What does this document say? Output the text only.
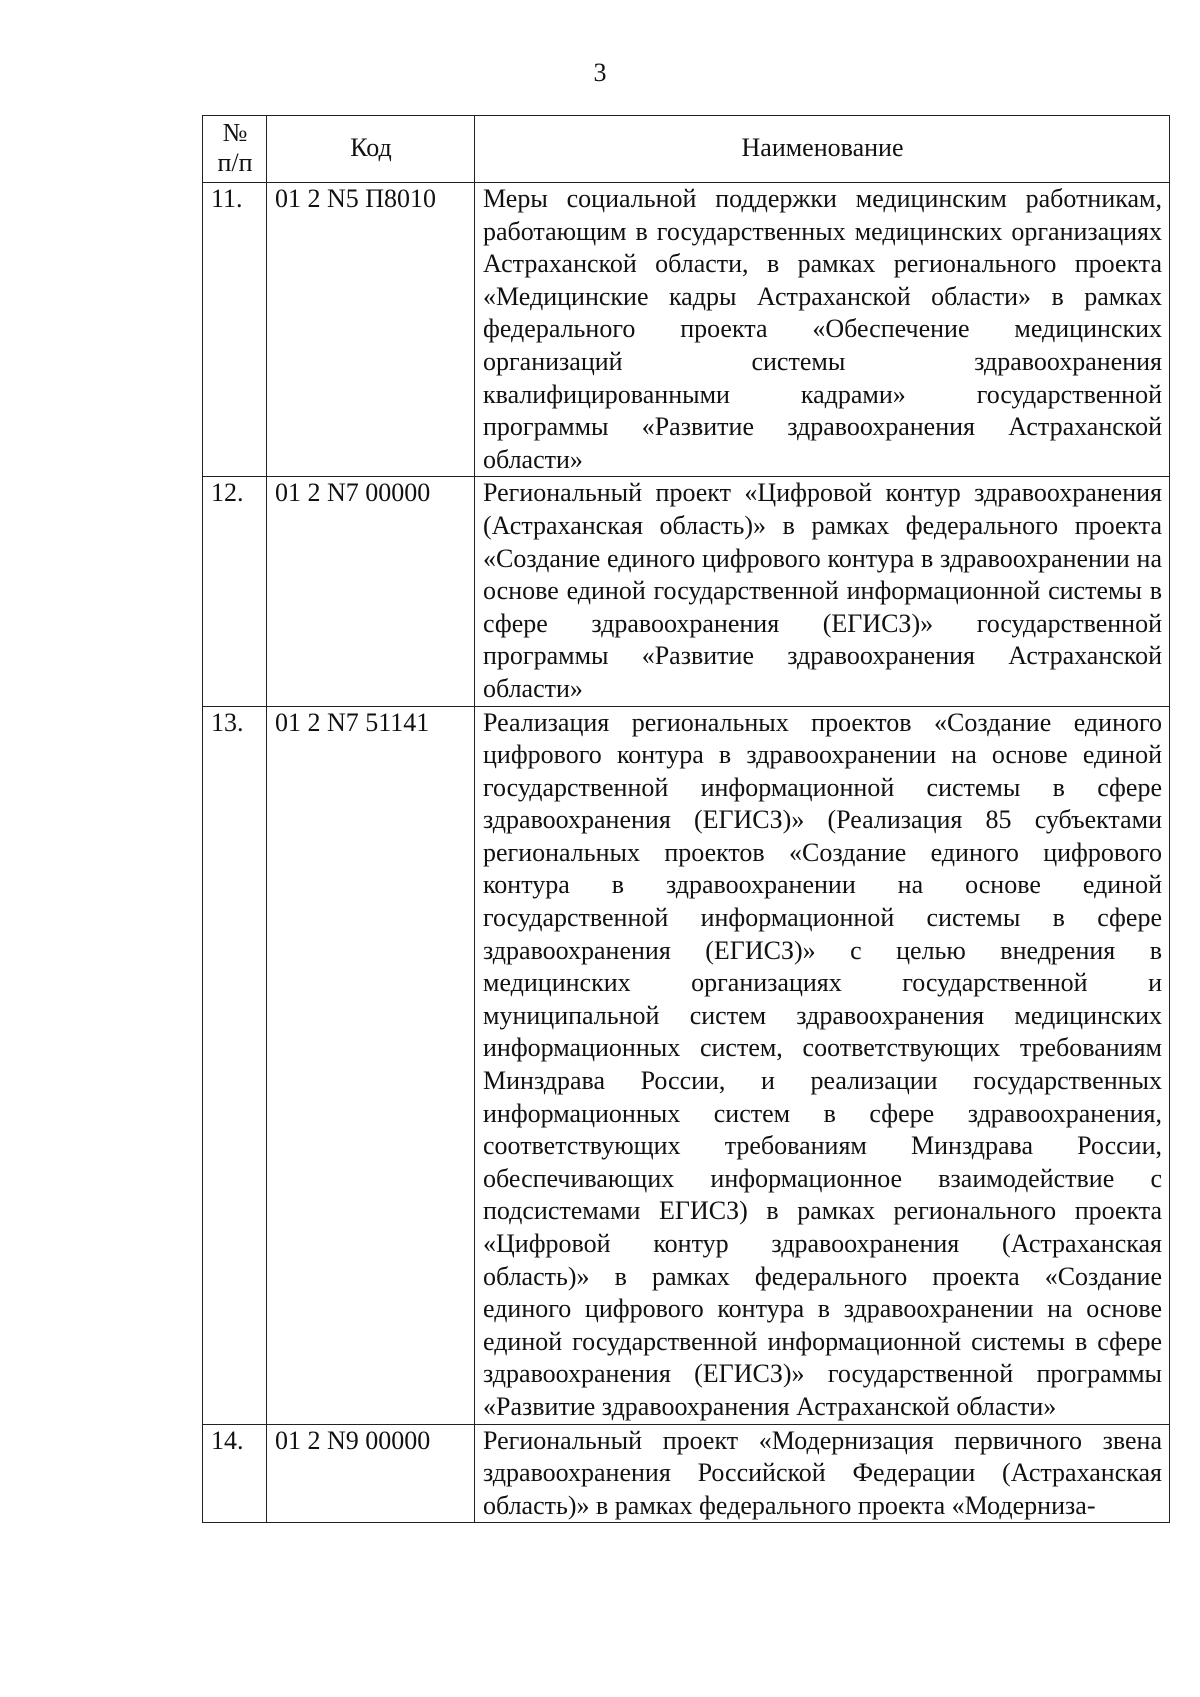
3
№ п/п	Код	Наименование
11.	01 2 N5 П8010	Меры социальной поддержки медицинским работникам, работающим в государственных медицинских организациях Астраханской области, в рамках регионального проекта «Медицинские кадры Астраханской области» в рамках федерального проекта «Обеспечение медицинских организаций системы здравоохранения квалифицированными кадрами» государственной программы «Развитие здравоохранения Астраханской области»
12.	01 2 N7 00000	Региональный проект «Цифровой контур здравоохранения (Астраханская область)» в рамках федерального проекта «Создание единого цифрового контура в здравоохранении на основе единой государственной информационной системы в сфере здравоохранения (ЕГИСЗ)» государственной программы «Развитие здравоохранения Астраханской области»
13.	01 2 N7 51141	Реализация региональных проектов «Создание единого цифрового контура в здравоохранении на основе единой государственной информационной системы в сфере здравоохранения (ЕГИСЗ)» (Реализация 85 субъектами региональных проектов «Создание единого цифрового контура в здравоохранении на основе единой государственной информационной системы в сфере здравоохранения (ЕГИСЗ)» с целью внедрения в медицинских организациях государственной и муниципальной систем здравоохранения медицинских информационных систем, соответствующих требованиям Минздрава России, и реализации государственных информационных систем в сфере здравоохранения, соответствующих требованиям Минздрава России, обеспечивающих информационное взаимодействие с подсистемами ЕГИСЗ) в рамках регионального проекта «Цифровой контур здравоохранения (Астраханская область)» в рамках федерального проекта «Создание единого цифрового контура в здравоохранении на основе единой государственной информационной системы в сфере здравоохранения (ЕГИСЗ)» государственной программы «Развитие здравоохранения Астраханской области»
14.	01 2 N9 00000	Региональный проект «Модернизация первичного звена здравоохранения Российской Федерации (Астраханская область)» в рамках федерального проекта «Модерниза-
